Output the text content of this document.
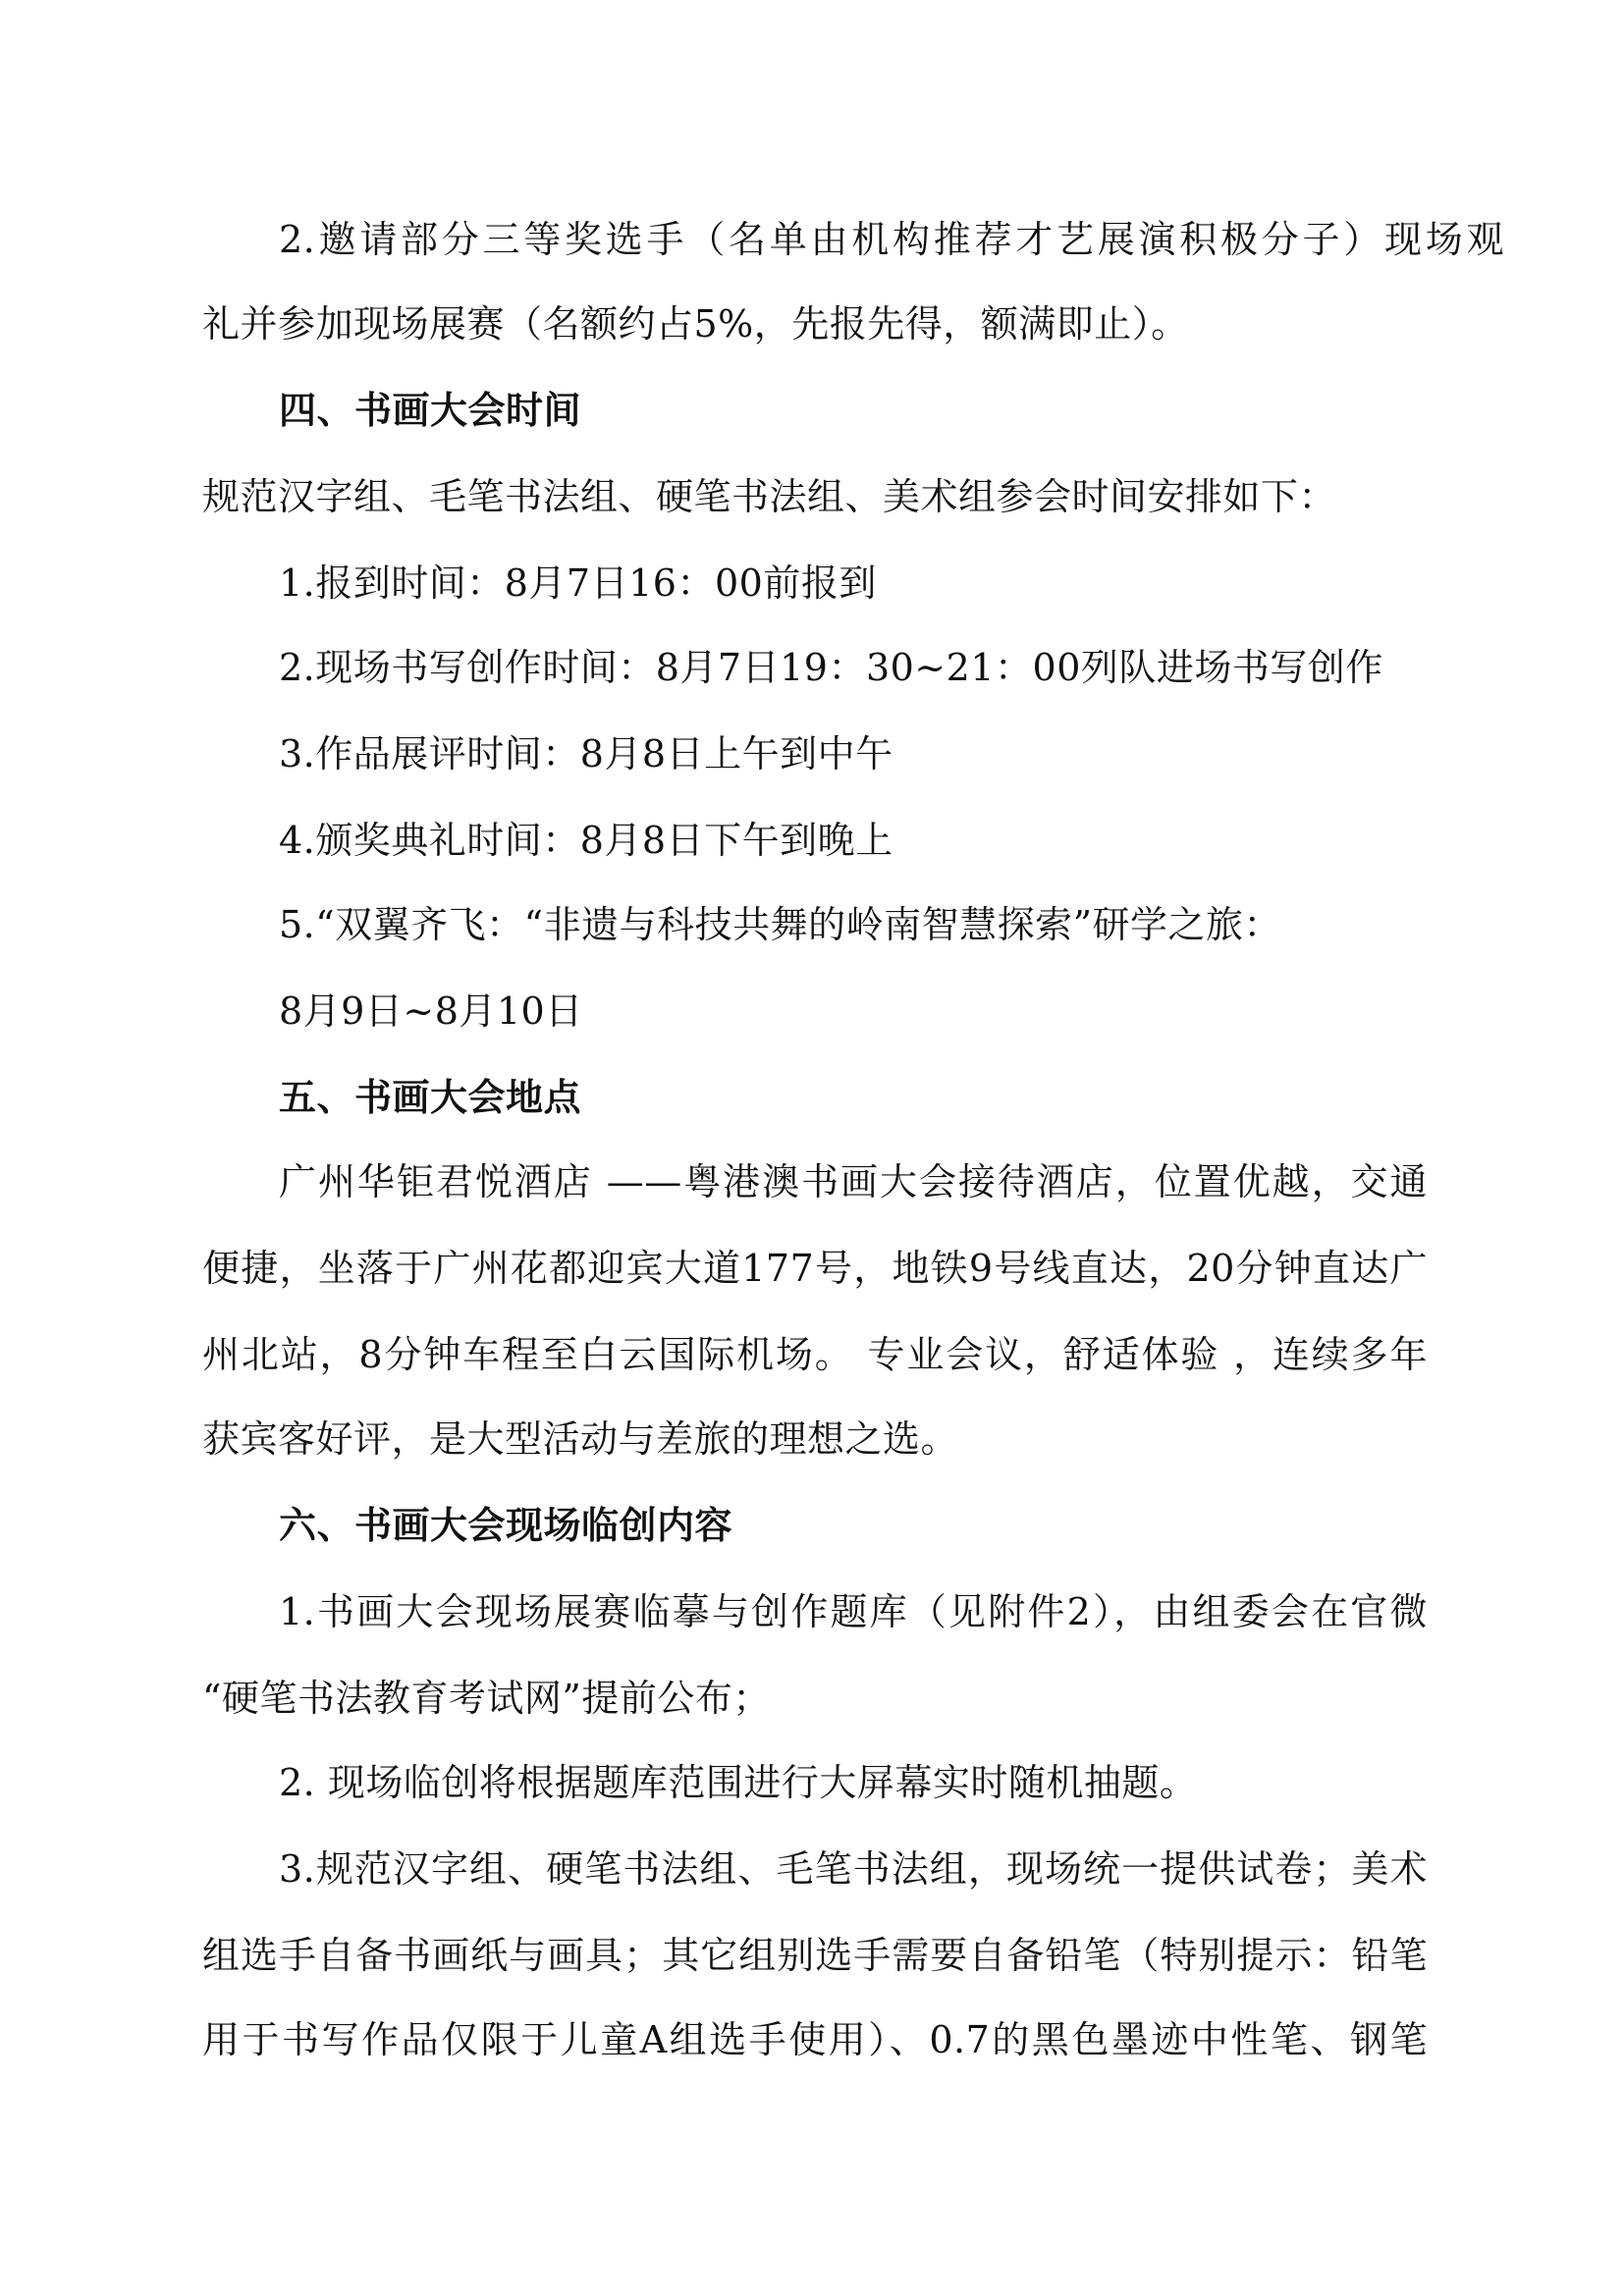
2.邀请部分三等奖选手（名单由机构推荐才艺展演积极分子）现场观
礼并参加现场展赛（名额约占5%，先报先得，额满即止）。
四、书画大会时间
规范汉字组、毛笔书法组、硬笔书法组、美术组参会时间安排如下：
1.报到时间：8月7日16：00前报到
2.现场书写创作时间：8月7日19：30~21：00列队进场书写创作
3.作品展评时间：8月8日上午到中午
4.颁奖典礼时间：8月8日下午到晚上
5.“双翼齐飞：“非遗与科技共舞的岭南智慧探索”研学之旅：
8月9日~8月10日
五、书画大会地点
广州华钜君悦酒店 ——粤港澳书画大会接待酒店，位置优越，交通
便捷，坐落于广州花都迎宾大道177号，地铁9号线直达，20分钟直达广
州北站，8分钟车程至白云国际机场。 专业会议，舒适体验 ，连续多年
获宾客好评，是大型活动与差旅的理想之选。
六、书画大会现场临创内容
1.书画大会现场展赛临摹与创作题库（见附件2），由组委会在官微
“硬笔书法教育考试网”提前公布；
2. 现场临创将根据题库范围进行大屏幕实时随机抽题。
3.规范汉字组、硬笔书法组、毛笔书法组，现场统一提供试卷；美术
组选手自备书画纸与画具；其它组别选手需要自备铅笔（特别提示：铅笔
用于书写作品仅限于儿童A组选手使用）、0.7的黑色墨迹中性笔、钢笔
